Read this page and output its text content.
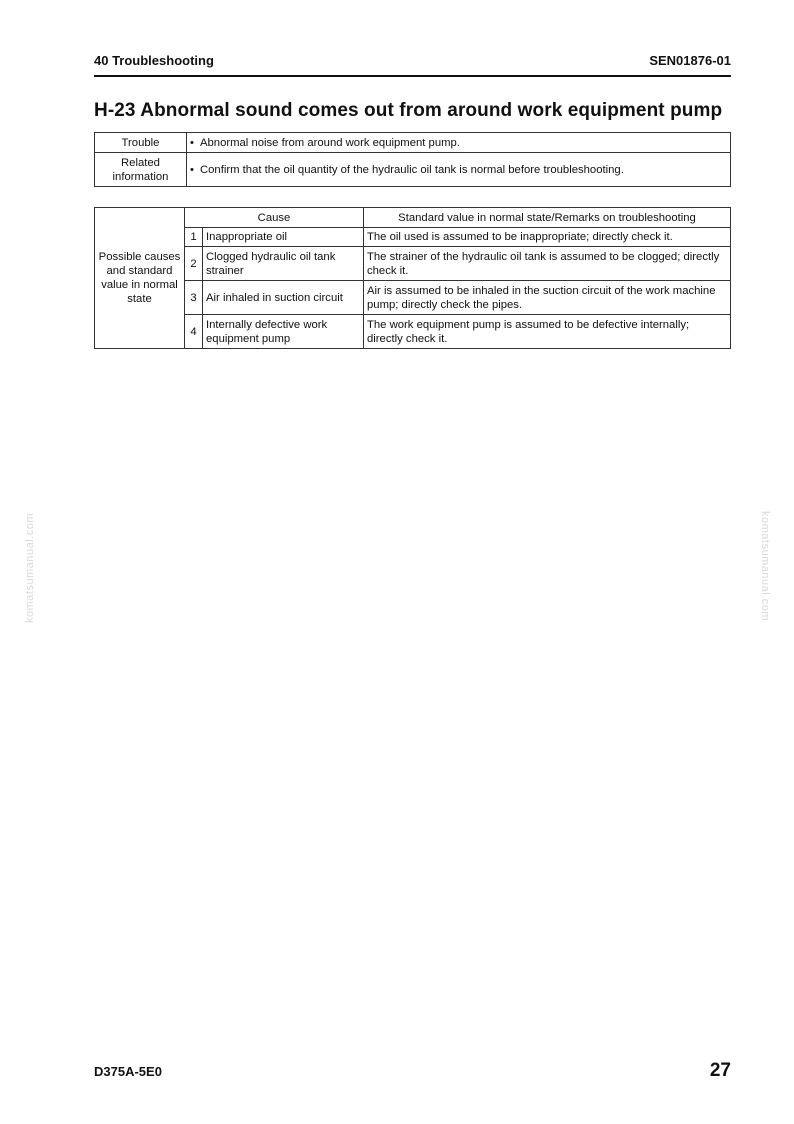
40 Troubleshooting	SEN01876-01
H-23 Abnormal sound comes out from around work equipment pump
Trouble	• Abnormal noise from around work equipment pump.
Related information	• Confirm that the oil quantity of the hydraulic oil tank is normal before troubleshooting.
Possible causes and standard value in normal state	Cause		Standard value in normal state/Remarks on troubleshooting
	1	Inappropriate oil	The oil used is assumed to be inappropriate; directly check it.
	2	Clogged hydraulic oil tank strainer	The strainer of the hydraulic oil tank is assumed to be clogged; directly check it.
	3	Air inhaled in suction circuit	Air is assumed to be inhaled in the suction circuit of the work machine pump; directly check the pipes.
	4	Internally defective work equipment pump	The work equipment pump is assumed to be defective internally; directly check it.
komatsumanual.com	komatsumanual.com
D375A-5E0	27
